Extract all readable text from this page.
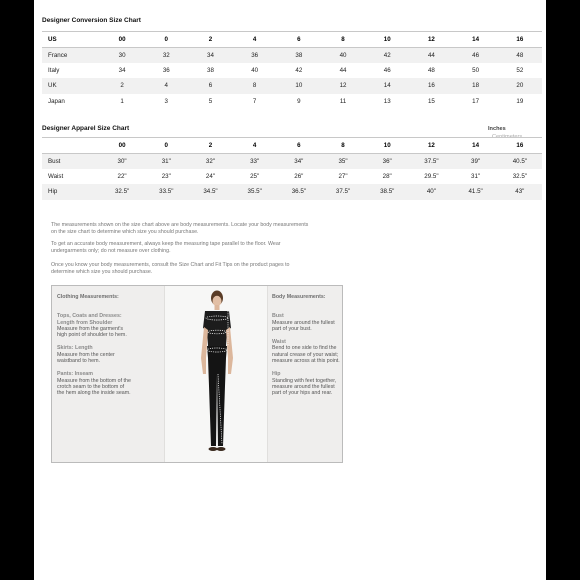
Designer Conversion Size Chart
US	00	0	2	4	6	8	10	12	14	16
France	30	32	34	36	38	40	42	44	46	48
Italy	34	36	38	40	42	44	46	48	50	52
UK	2	4	6	8	10	12	14	16	18	20
Japan	1	3	5	7	9	11	13	15	17	19
Designer Apparel Size Chart	Inches
Centimeters
	00	0	2	4	6	8	10	12	14	16
Bust	30"	31"	32"	33"	34"	35"	36"	37.5"	39"	40.5"
Waist	22"	23"	24"	25"	26"	27"	28"	29.5"	31"	32.5"
Hip	32.5"	33.5"	34.5"	35.5"	36.5"	37.5"	38.5"	40"	41.5"	43"
The measurements shown on the size chart above are body measurements. Locate your body measurements on the size chart to determine which size you should purchase.
To get an accurate body measurement, always keep the measuring tape parallel to the floor. Wear undergarments only; do not measure over clothing.
Once you know your body measurements, consult the Size Chart and Fit Tips on the product pages to determine which size you should purchase.
Clothing Measurements:
Tops, Coats and Dresses: Length from Shoulder
Measure from the garment's high point of shoulder to hem.
Skirts: Length
Measure from the center waistband to hem.
Pants: Inseam
Measure from the bottom of the crotch seam to the bottom of the hem along the inside seam.
Body Measurements:
Bust
Measure around the fullest part of your bust.
Waist
Bend to one side to find the natural crease of your waist; measure across at this point.
Hip
Standing with feet together, measure around the fullest part of your hips and rear.
